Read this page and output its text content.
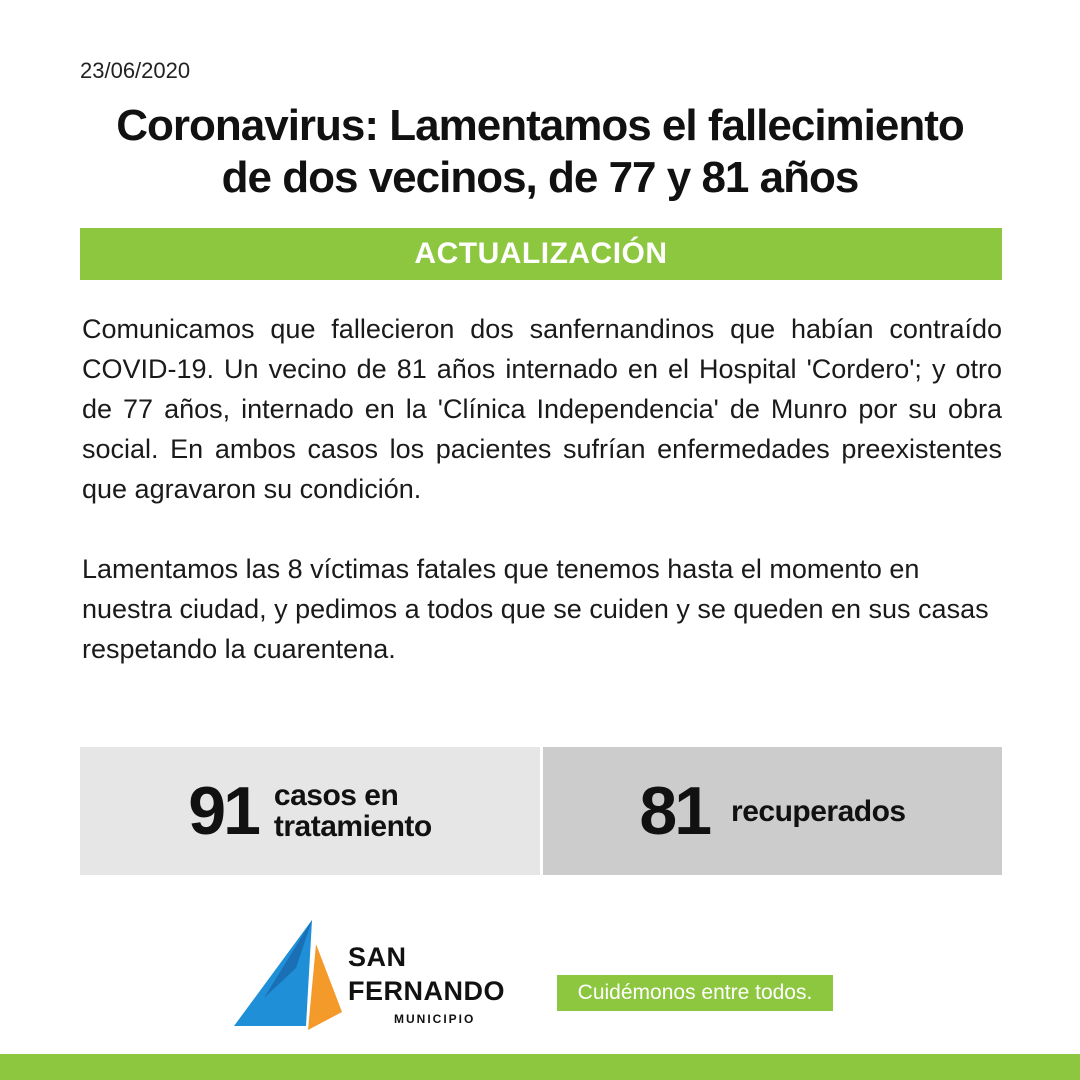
23/06/2020
Coronavirus: Lamentamos el fallecimiento
de dos vecinos, de 77 y 81 años
ACTUALIZACIÓN

Comunicamos que fallecieron dos sanfernandinos que habían contraído COVID-19. Un vecino de 81 años internado en el Hospital 'Cordero'; y otro de 77 años, internado en la 'Clínica Independencia' de Munro por su obra social. En ambos casos los pacientes sufrían enfermedades preexistentes que agravaron su condición.

Lamentamos las 8 víctimas fatales que tenemos hasta el momento en nuestra ciudad, y pedimos a todos que se cuiden y se queden en sus casas respetando la cuarentena.

91 casos en
tratamiento	81 recuperados
SAN
FERNANDO
MUNICIPIO
Cuidémonos entre todos.
